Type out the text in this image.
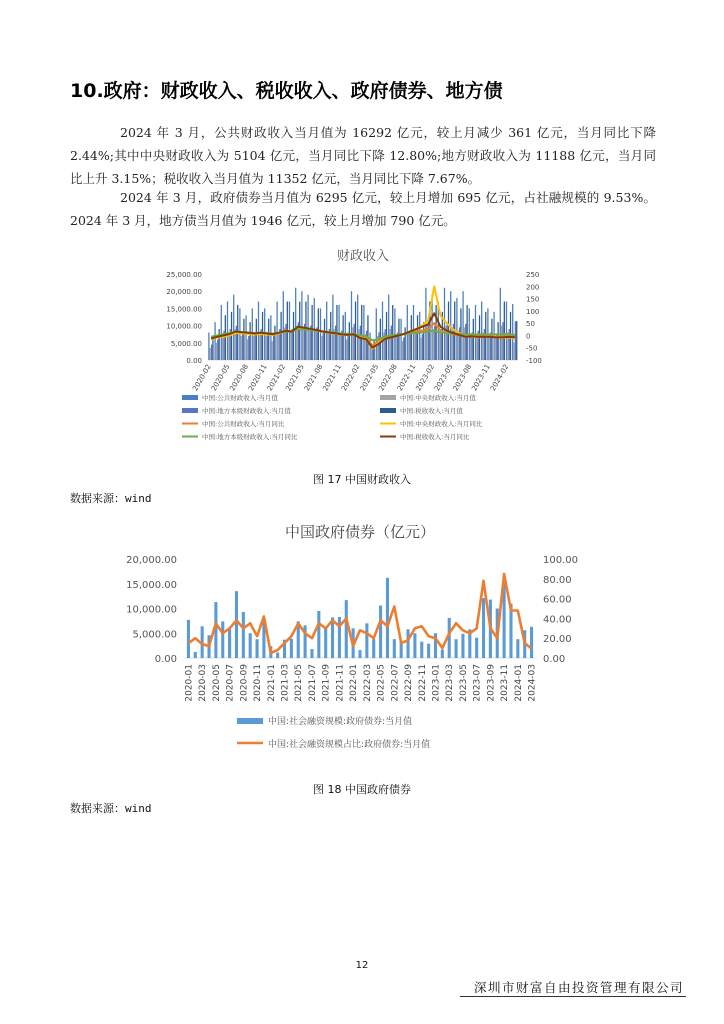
10.政府：财政收入、税收收入、政府债券、地方债

2024 年 3 月，公共财政收入当月值为 16292 亿元，较上月减少 361 亿元，当月同比下降 2.44%;其中中央财政收入为 5104 亿元，当月同比下降 12.80%;地方财政收入为 11188 亿元，当月同比上升 3.15%；税收收入当月值为 11352 亿元，当月同比下降 7.67%。

2024 年 3 月，政府债券当月值为 6295 亿元，较上月增加 695 亿元，占社融规模的 9.53%。2024 年 3 月，地方债当月值为 1946 亿元，较上月增加 790 亿元。

财政收入
25,000.00
20,000.00
15,000.00
10,000.00
5,000.00
0.00
250
200
150
100
50
0
-50
-100
2020-02
2020-05
2020-08
2020-11
2021-02
2021-05
2021-08
2021-11
2022-02
2022-05
2022-08
2022-11
2023-02
2023-05
2023-08
2023-11
2024-02
中国:公共财政收入:当月值	中国:中央财政收入:当月值
中国:地方本级财政收入:当月值	中国:税收收入:当月值
中国:公共财政收入:当月同比	中国:中央财政收入:当月同比
中国:地方本级财政收入:当月同比	中国:税收收入:当月同比
图 17 中国财政收入
数据来源：wind
中国政府债券（亿元）
20,000.00
15,000.00
10,000.00
5,000.00
0.00
100.00
80.00
60.00
40.00
20.00
0.00
2020-01 2020-03 2020-05 2020-07 2020-09 2020-11 2021-01 2021-03 2021-05 2021-07 2021-09 2021-11 2022-01 2022-03 2022-05 2022-07 2022-09 2022-11 2023-01 2023-03 2023-05 2023-07 2023-09 2023-11 2024-01 2024-03
中国:社会融资规模:政府债券:当月值
中国:社会融资规模占比:政府债券:当月值
图 18 中国政府债券
数据来源：wind
12
深圳市财富自由投资管理有限公司
